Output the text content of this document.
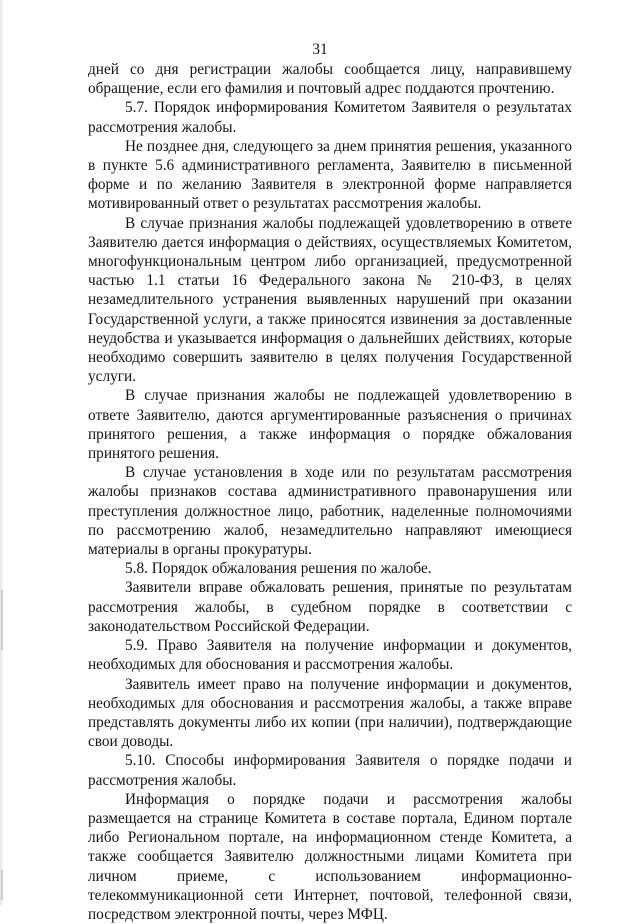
31

дней со дня регистрации жалобы сообщается лицу, направившему обращение, если его фамилия и почтовый адрес поддаются прочтению.

5.7. Порядок информирования Комитетом Заявителя о результатах рассмотрения жалобы.

Не позднее дня, следующего за днем принятия решения, указанного в пункте 5.6 административного регламента, Заявителю в письменной форме и по желанию Заявителя в электронной форме направляется мотивированный ответ о результатах рассмотрения жалобы.

В случае признания жалобы подлежащей удовлетворению в ответе Заявителю дается информация о действиях, осуществляемых Комитетом, многофункциональным центром либо организацией, предусмотренной частью 1.1 статьи 16 Федерального закона № 210-ФЗ, в целях незамедлительного устранения выявленных нарушений при оказании Государственной услуги, а также приносятся извинения за доставленные неудобства и указывается информация о дальнейших действиях, которые необходимо совершить заявителю в целях получения Государственной услуги.

В случае признания жалобы не подлежащей удовлетворению в ответе Заявителю, даются аргументированные разъяснения о причинах принятого решения, а также информация о порядке обжалования принятого решения.

В случае установления в ходе или по результатам рассмотрения жалобы признаков состава административного правонарушения или преступления должностное лицо, работник, наделенные полномочиями по рассмотрению жалоб, незамедлительно направляют имеющиеся материалы в органы прокуратуры.

5.8. Порядок обжалования решения по жалобе.

Заявители вправе обжаловать решения, принятые по результатам рассмотрения жалобы, в судебном порядке в соответствии с законодательством Российской Федерации.

5.9. Право Заявителя на получение информации и документов, необходимых для обоснования и рассмотрения жалобы.

Заявитель имеет право на получение информации и документов, необходимых для обоснования и рассмотрения жалобы, а также вправе представлять документы либо их копии (при наличии), подтверждающие свои доводы.

5.10. Способы информирования Заявителя о порядке подачи и рассмотрения жалобы.

Информация о порядке подачи и рассмотрения жалобы размещается на странице Комитета в составе портала, Едином портале либо Региональном портале, на информационном стенде Комитета, а также сообщается Заявителю должностными лицами Комитета при личном приеме, с использованием информационно-телекоммуникационной сети Интернет, почтовой, телефонной связи, посредством электронной почты, через МФЦ.
